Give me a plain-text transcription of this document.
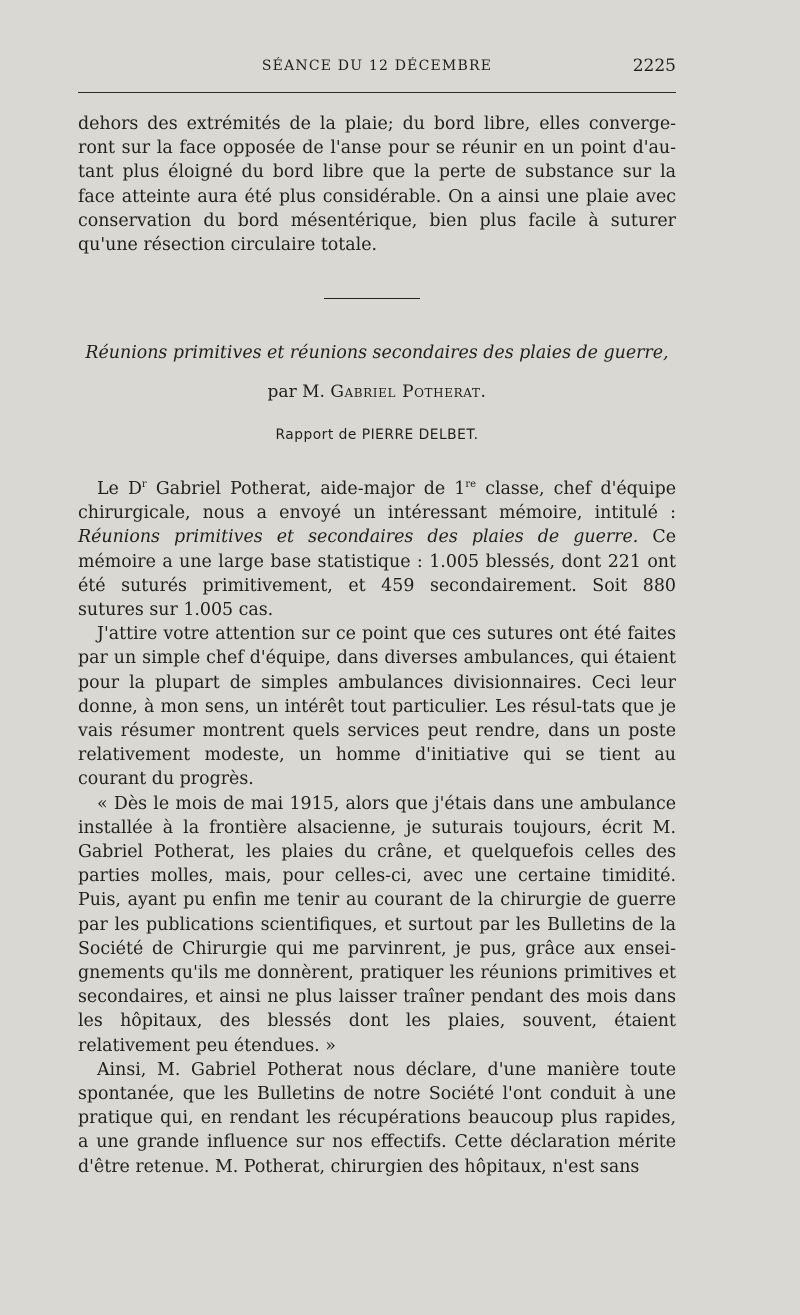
SÉANCE DU 12 DÉCEMBRE	2225

dehors des extrémités de la plaie; du bord libre, elles converge-ront sur la face opposée de l'anse pour se réunir en un point d'au-tant plus éloigné du bord libre que la perte de substance sur la face atteinte aura été plus considérable. On a ainsi une plaie avec conservation du bord mésentérique, bien plus facile à suturer qu'une résection circulaire totale.

Réunions primitives et réunions secondaires des plaies de guerre,

par M. Gabriel Potherat.

Rapport de PIERRE DELBET.

Le $D^r$ Gabriel Potherat, aide-major de 1re classe, chef d'équipe chirurgicale, nous a envoyé un intéressant mémoire, intitulé : Réunions primitives et secondaires des plaies de guerre. Ce mémoire a une large base statistique : 1.005 blessés, dont 221 ont été suturés primitivement, et 459 secondairement. Soit 880 sutures sur 1.005 cas.

J'attire votre attention sur ce point que ces sutures ont été faites par un simple chef d'équipe, dans diverses ambulances, qui étaient pour la plupart de simples ambulances divisionnaires. Ceci leur donne, à mon sens, un intérêt tout particulier. Les résul-tats que je vais résumer montrent quels services peut rendre, dans un poste relativement modeste, un homme d'initiative qui se tient au courant du progrès.

« Dès le mois de mai 1915, alors que j'étais dans une ambulance installée à la frontière alsacienne, je suturais toujours, écrit M. Gabriel Potherat, les plaies du crâne, et quelquefois celles des parties molles, mais, pour celles-ci, avec une certaine timidité. Puis, ayant pu enfin me tenir au courant de la chirurgie de guerre par les publications scientifiques, et surtout par les Bulletins de la Société de Chirurgie qui me parvinrent, je pus, grâce aux ensei-gnements qu'ils me donnèrent, pratiquer les réunions primitives et secondaires, et ainsi ne plus laisser traîner pendant des mois dans les hôpitaux, des blessés dont les plaies, souvent, étaient relativement peu étendues. »

Ainsi, M. Gabriel Potherat nous déclare, d'une manière toute spontanée, que les Bulletins de notre Société l'ont conduit à une pratique qui, en rendant les récupérations beaucoup plus rapides, a une grande influence sur nos effectifs. Cette déclaration mérite d'être retenue. M. Potherat, chirurgien des hôpitaux, n'est sans
